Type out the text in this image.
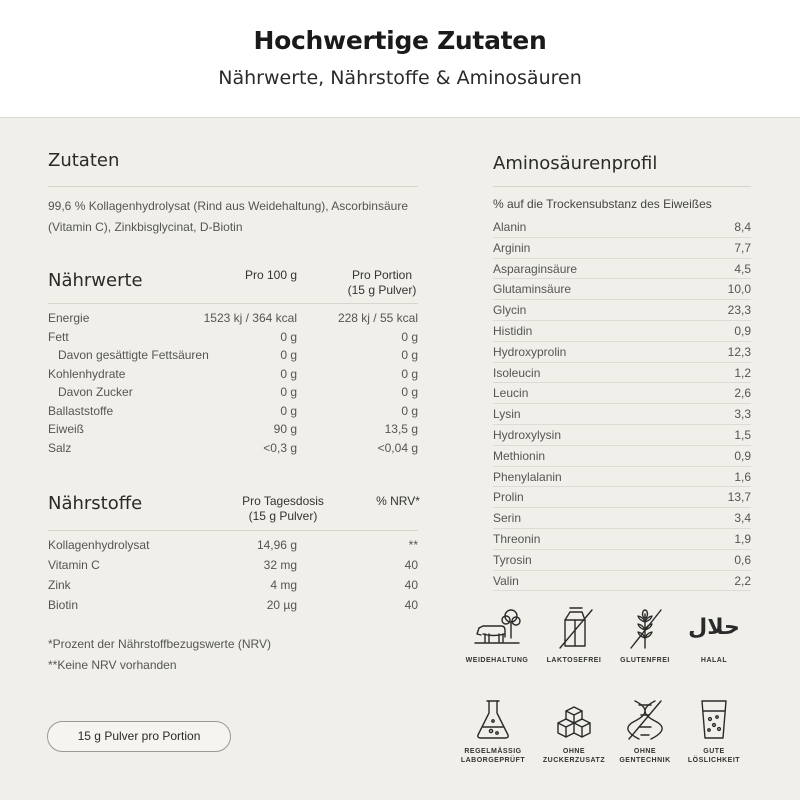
Hochwertige Zutaten
Nährwerte, Nährstoffe & Aminosäuren
Zutaten
99,6 % Kollagenhydrolysat (Rind aus Weidehaltung), Ascorbinsäure
(Vitamin C), Zinkbisglycinat, D-Biotin
Nährwerte	Pro 100 g	Pro Portion
(15 g Pulver)
Energie	1523 kj / 364 kcal	228 kj / 55 kcal
Fett	0 g	0 g
Davon gesättigte Fettsäuren	0 g	0 g
Kohlenhydrate	0 g	0 g
Davon Zucker	0 g	0 g
Ballaststoffe	0 g	0 g
Eiweiß	90 g	13,5 g
Salz	<0,3 g	<0,04 g
Nährstoffe	Pro Tagesdosis
(15 g Pulver)
% NRV*
Kollagenhydrolysat	14,96 g	**
Vitamin C	32 mg	40
Zink	4 mg	40
Biotin	20 µg	40
*Prozent der Nährstoffbezugswerte (NRV)
**Keine NRV vorhanden
15 g Pulver pro Portion
Aminosäurenprofil
% auf die Trockensubstanz des Eiweißes
Alanin	8,4
Arginin	7,7
Asparaginsäure	4,5
Glutaminsäure	10,0
Glycin	23,3
Histidin	0,9
Hydroxyprolin	12,3
Isoleucin	1,2
Leucin	2,6
Lysin	3,3
Hydroxylysin	1,5
Methionin	0,9
Phenylalanin	1,6
Prolin	13,7
Serin	3,4
Threonin	1,9
Tyrosin	0,6
Valin	2,2
WEIDEHALTUNG	LAKTOSEFREI	GLUTENFREI
حلال
HALAL
REGELMÄSSIG
LABORGEPRÜFT
OHNE
ZUCKERZUSATZ
OHNE
GENTECHNIK
GUTE
LÖSLICHKEIT
